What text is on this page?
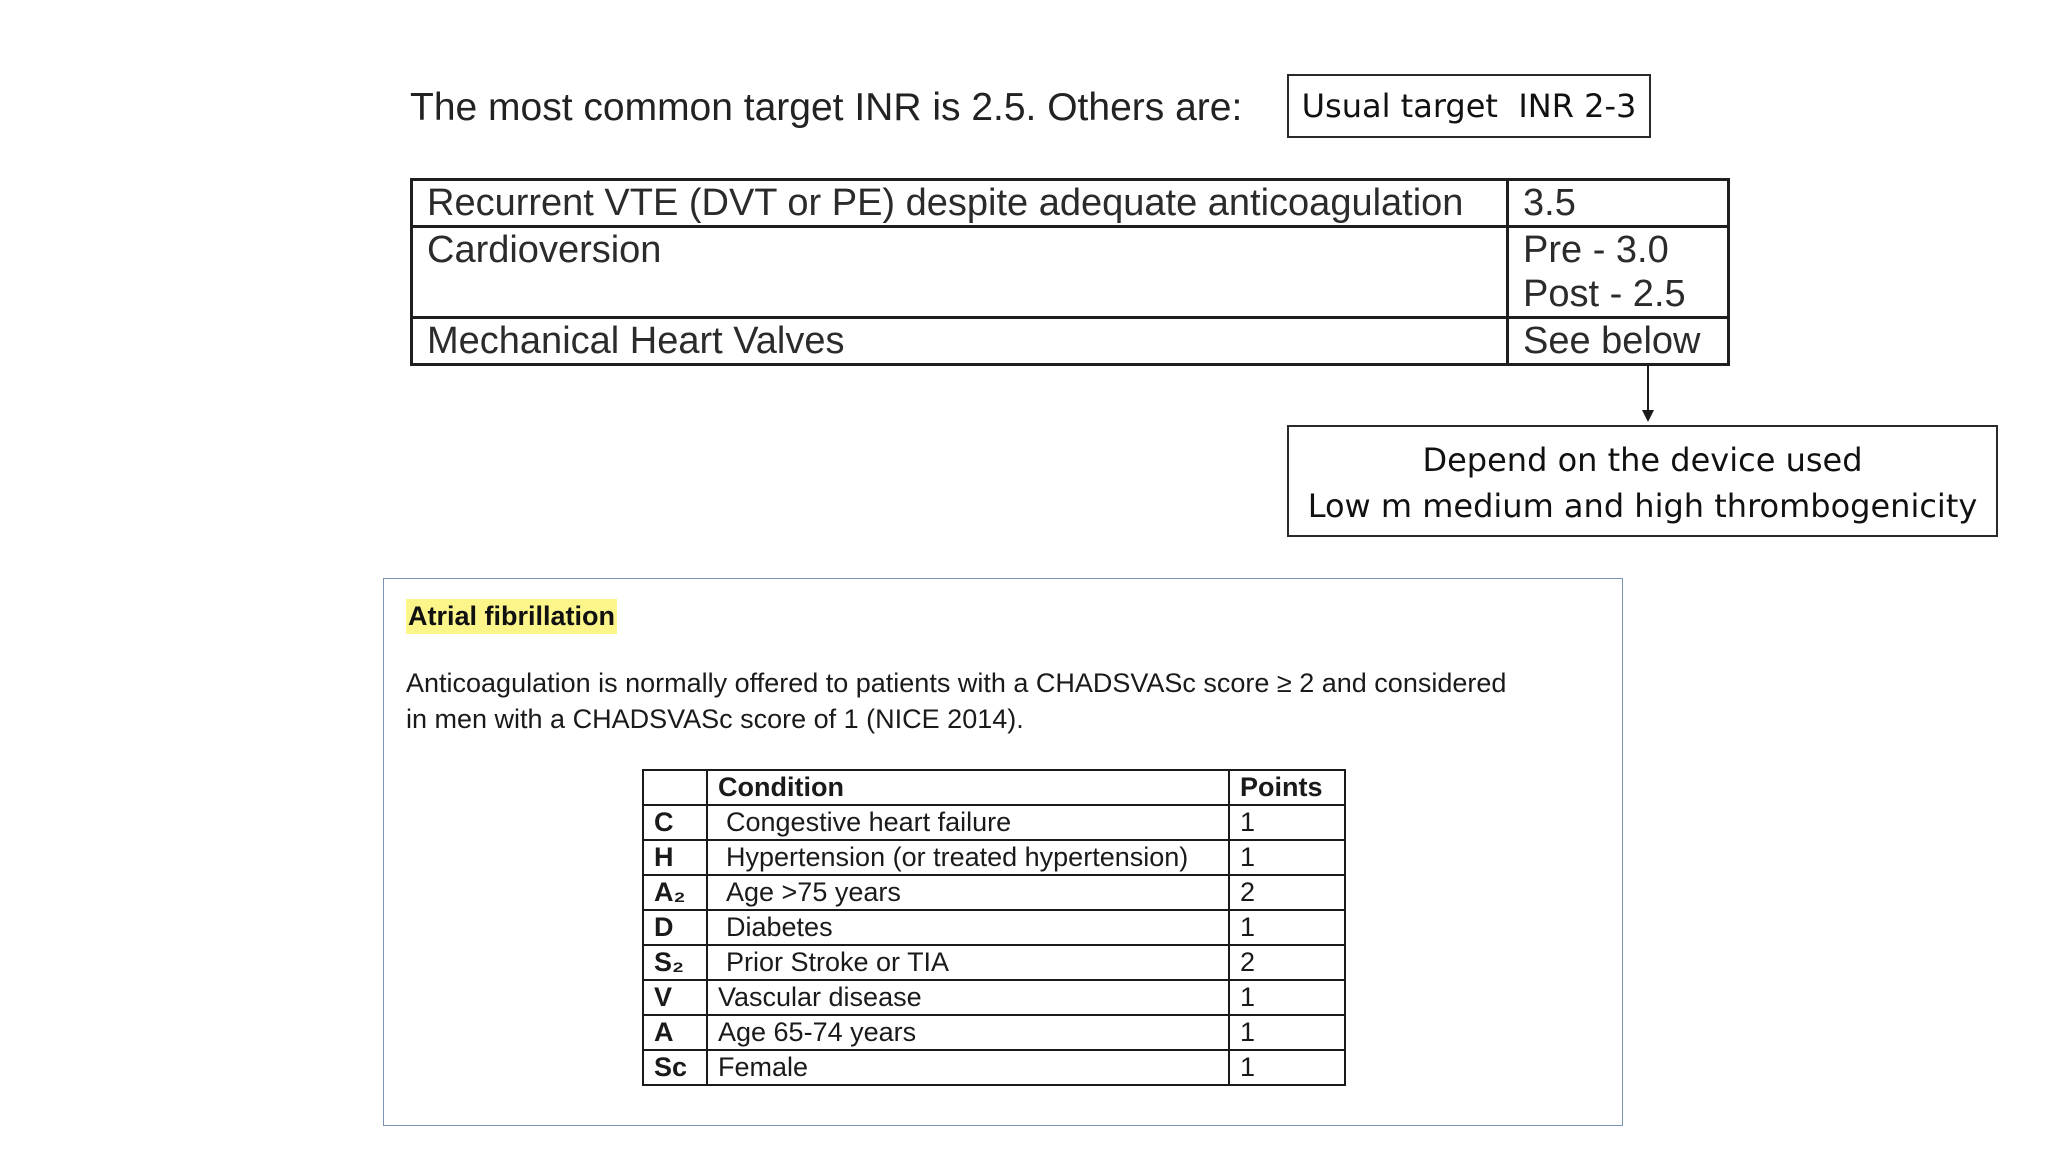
The most common target INR is 2.5. Others are:	Usual target  INR 2-3
Recurrent VTE (DVT or PE) despite adequate anticoagulation	3.5

Cardioversion	Pre - 3.0
Post - 2.5

Mechanical Heart Valves	See below
Depend on the device used
Low m medium and high thrombogenicity
Atrial fibrillation
Anticoagulation is normally offered to patients with a CHADSVASc score ≥ 2 and considered
in men with a CHADSVASc score of 1 (NICE 2014).
	Condition	Points
C	Congestive heart failure	1
H	Hypertension (or treated hypertension)	1
A₂	Age >75 years	2
D	Diabetes	1
S₂	Prior Stroke or TIA	2
V	Vascular disease	1
A	Age 65-74 years	1
Sc	Female	1
